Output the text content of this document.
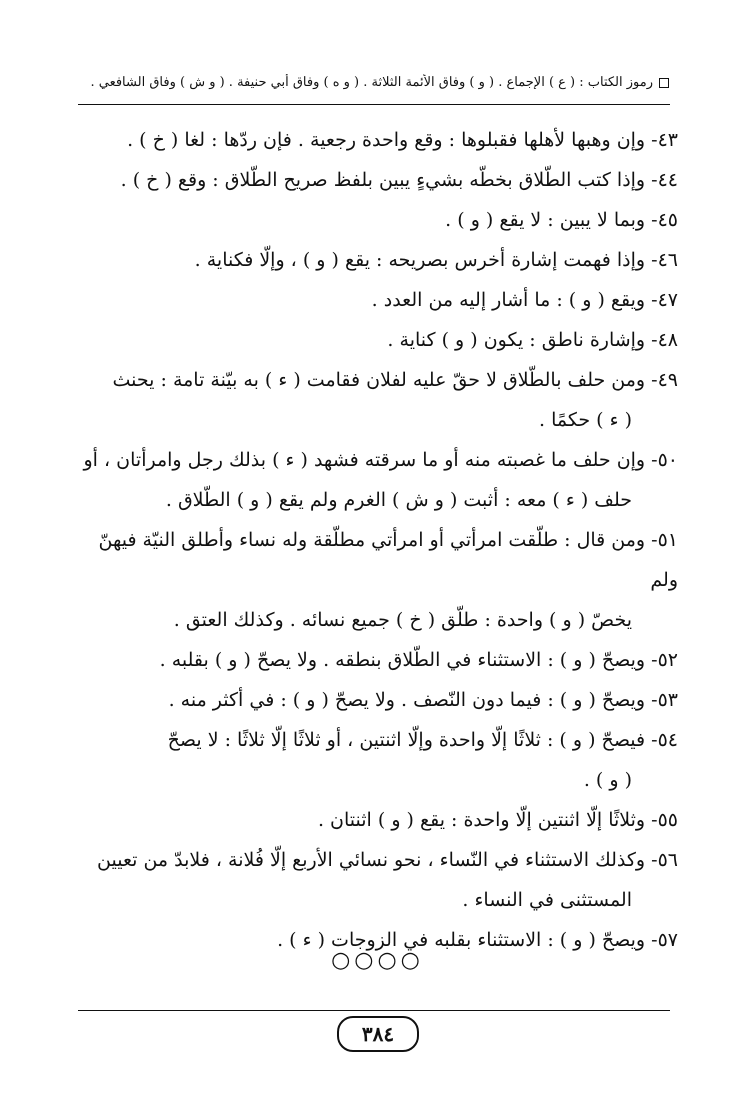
رموز الكتاب : ( ع ) الإجماع . ( و ) وفاق الأئمة الثلاثة . ( و ه ) وفاق أبي حنيفة . ( و ش ) وفاق الشافعي .
٤٣- وإن وهبها لأهلها فقبلوها : وقع واحدة رجعية . فإن ردّها : لغا ( خ ) .
٤٤- وإذا كتب الطّلاق بخطّه بشيءٍ يبين بلفظ صريح الطّلاق : وقع ( خ ) .
٤٥- وبما لا يبين : لا يقع ( و ) .
٤٦- وإذا فهمت إشارة أخرس بصريحه : يقع ( و ) ، وإلّا فكناية .
٤٧- ويقع ( و ) : ما أشار إليه من العدد .
٤٨- وإشارة ناطق : يكون ( و ) كناية .
٤٩- ومن حلف بالطّلاق لا حقّ عليه لفلان فقامت ( ء ) به بيّنة تامة : يحنث
( ء ) حكمًا .
٥٠- وإن حلف ما غصبته منه أو ما سرقته فشهد ( ء ) بذلك رجل وامرأتان ، أو
حلف ( ء ) معه : أثبت ( و ش ) الغرم ولم يقع ( و ) الطّلاق .
٥١- ومن قال : طلّقت امرأتي أو امرأتي مطلّقة وله نساء وأطلق النيّة فيهنّ ولم
يخصّ ( و ) واحدة : طلّق ( خ ) جميع نسائه . وكذلك العتق .
٥٢- ويصحّ ( و ) : الاستثناء في الطّلاق بنطقه . ولا يصحّ ( و ) بقلبه .
٥٣- ويصحّ ( و ) : فيما دون النّصف . ولا يصحّ ( و ) : في أكثر منه .
٥٤- فيصحّ ( و ) : ثلاثًا إلّا واحدة وإلّا اثنتين ، أو ثلاثًا إلّا ثلاثًا : لا يصحّ
( و ) .
٥٥- وثلاثًا إلّا اثنتين إلّا واحدة : يقع ( و ) اثنتان .
٥٦- وكذلك الاستثناء في النّساء ، نحو نسائي الأربع إلّا فُلانة ، فلابدّ من تعيين
المستثنى في النساء .
٥٧- ويصحّ ( و ) : الاستثناء بقلبه في الزوجات ( ء ) .
○○○○
٣٨٤
